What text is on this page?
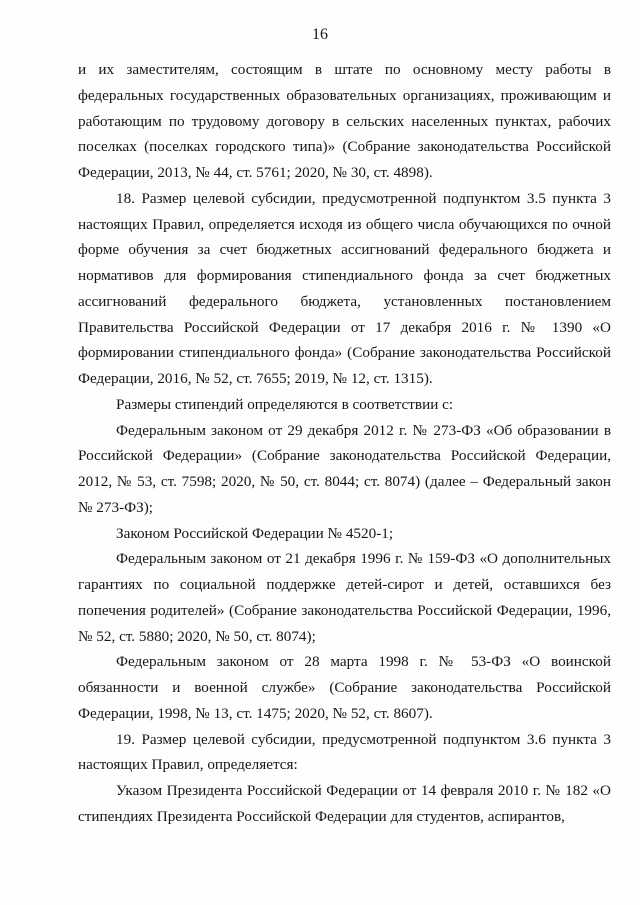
16

и их заместителям, состоящим в штате по основному месту работы в федеральных государственных образовательных организациях, проживающим и работающим по трудовому договору в сельских населенных пунктах, рабочих поселках (поселках городского типа)» (Собрание законодательства Российской Федерации, 2013, № 44, ст. 5761; 2020, № 30, ст. 4898).

18. Размер целевой субсидии, предусмотренной подпунктом 3.5 пункта 3 настоящих Правил, определяется исходя из общего числа обучающихся по очной форме обучения за счет бюджетных ассигнований федерального бюджета и нормативов для формирования стипендиального фонда за счет бюджетных ассигнований федерального бюджета, установленных постановлением Правительства Российской Федерации от 17 декабря 2016 г. № 1390 «О формировании стипендиального фонда» (Собрание законодательства Российской Федерации, 2016, № 52, ст. 7655; 2019, № 12, ст. 1315).

Размеры стипендий определяются в соответствии с:

Федеральным законом от 29 декабря 2012 г. № 273-ФЗ «Об образовании в Российской Федерации» (Собрание законодательства Российской Федерации, 2012, № 53, ст. 7598; 2020, № 50, ст. 8044; ст. 8074) (далее – Федеральный закон № 273-ФЗ);

Законом Российской Федерации № 4520-1;

Федеральным законом от 21 декабря 1996 г. № 159-ФЗ «О дополнительных гарантиях по социальной поддержке детей-сирот и детей, оставшихся без попечения родителей» (Собрание законодательства Российской Федерации, 1996, № 52, ст. 5880; 2020, № 50, ст. 8074);

Федеральным законом от 28 марта 1998 г. № 53-ФЗ «О воинской обязанности и военной службе» (Собрание законодательства Российской Федерации, 1998, № 13, ст. 1475; 2020, № 52, ст. 8607).

19. Размер целевой субсидии, предусмотренной подпунктом 3.6 пункта 3 настоящих Правил, определяется:

Указом Президента Российской Федерации от 14 февраля 2010 г. № 182 «О стипендиях Президента Российской Федерации для студентов, аспирантов,
